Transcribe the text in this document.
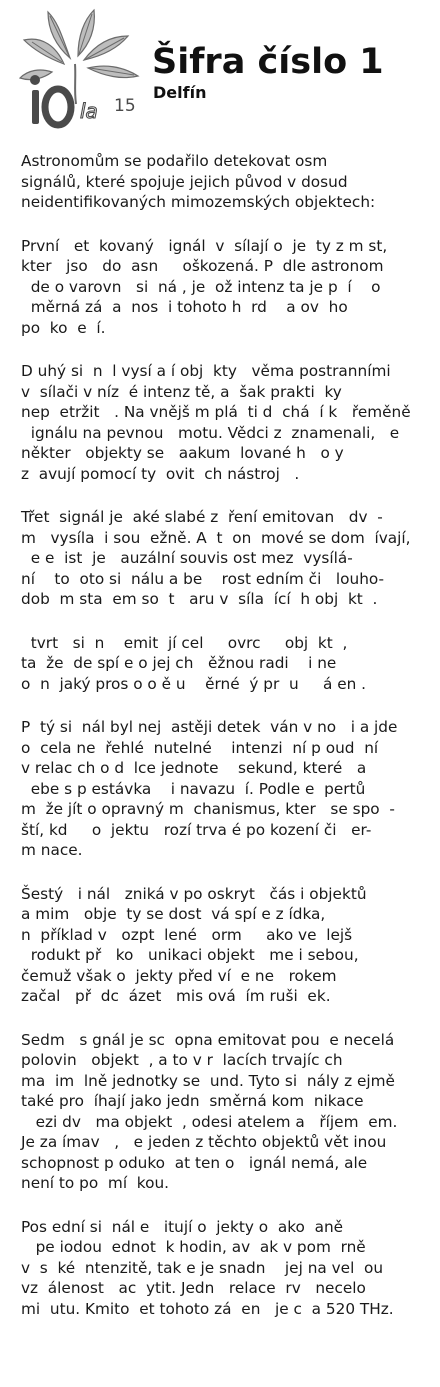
la 15
Šifra číslo 1
Delfín

Astronomům se podařilo detekovat osm
signálů, které spojuje jejich původ v dosud
neidentifikovaných mimozemských objektech:

První   et  kovaný   ignál  v  sílají o  je  ty z m st,
kter   jso   do  asn     oškozená. P  dle astronom
de o varovn   si  ná , je  ož intenz ta je p  í    o
měrná zá  a  nos  i tohoto h  rd    a ov  ho
po  ko  e  í.

D uhý si  n  l vysí a í obj  kty   věma postranními
v  sílači v níz  é intenz tě, a  šak prakti  ky
nep  etržit   . Na vnějš m plá  ti d  chá  í k   řeměně
ignálu na pevnou   motu. Vědci z  znamenali,   e
někter   objekty se   aakum  lované h   o y
z  avují pomocí ty  ovit  ch nástroj   .

Třet  signál je  aké slabé z  ření emitovan   dv  -
m   vysíla  i sou  ežně. A  t  on  mové se dom  ívají,
e e  ist  je   auzální souvis ost mez  vysílá-
ní    to  oto si  nálu a be    rost edním či   louho-
dob  m sta  em so  t   aru v  síla  ící  h obj  kt  .

tvrt   si  n    emit  jí cel     ovrc     obj  kt  ,
ta  že  de spí e o jej ch   ěžnou radi    i ne
o  n  jaký pros o o ě u    ěrné  ý pr  u     á en .

P  tý si  nál byl nej  astěji detek  ván v no   i a jde
o  cela ne  řehlé  nutelné    intenzi  ní p oud  ní
v relac ch o d  lce jednote    sekund, které   a
ebe s p estávka    i navazu  í. Podle e  pertů
m  že jít o opravný m  chanismus, kter   se spo  -
ští, kd     o  jektu   rozí trva é po kození či   er-
m nace.

Šestý   i nál   zniká v po oskryt   čás i objektů
a mim   obje  ty se dost  vá spí e z ídka,
n  příklad v   ozpt  lené   orm     ako ve  lejš
rodukt př   ko   unikaci objekt   me i sebou,
čemuž však o  jekty před ví  e ne   rokem
začal   př  dc  ázet   mis ová  ím ruši  ek.

Sedm   s gnál je sc  opna emitovat pou  e necelá
polovin   objekt  , a to v r  lacích trvajíc ch
ma  im  lně jednotky se  und. Tyto si  nály z ejmě
také pro  íhají jako jedn  směrná kom  nikace
ezi dv   ma objekt  , odesi atelem a   říjem  em.
Je za ímav   ,   e jeden z těchto objektů vět inou
schopnost p oduko  at ten o   ignál nemá, ale
není to po  mí  kou.

Pos ední si  nál e   itují o  jekty o  ako  aně
pe iodou  ednot  k hodin, av  ak v pom  rně
v  s  ké  ntenzitě, tak e je snadn    jej na vel  ou
vz  álenost   ac  ytit. Jedn   relace  rv   necelo
mi  utu. Kmito  et tohoto zá  en   je c  a 520 THz.
